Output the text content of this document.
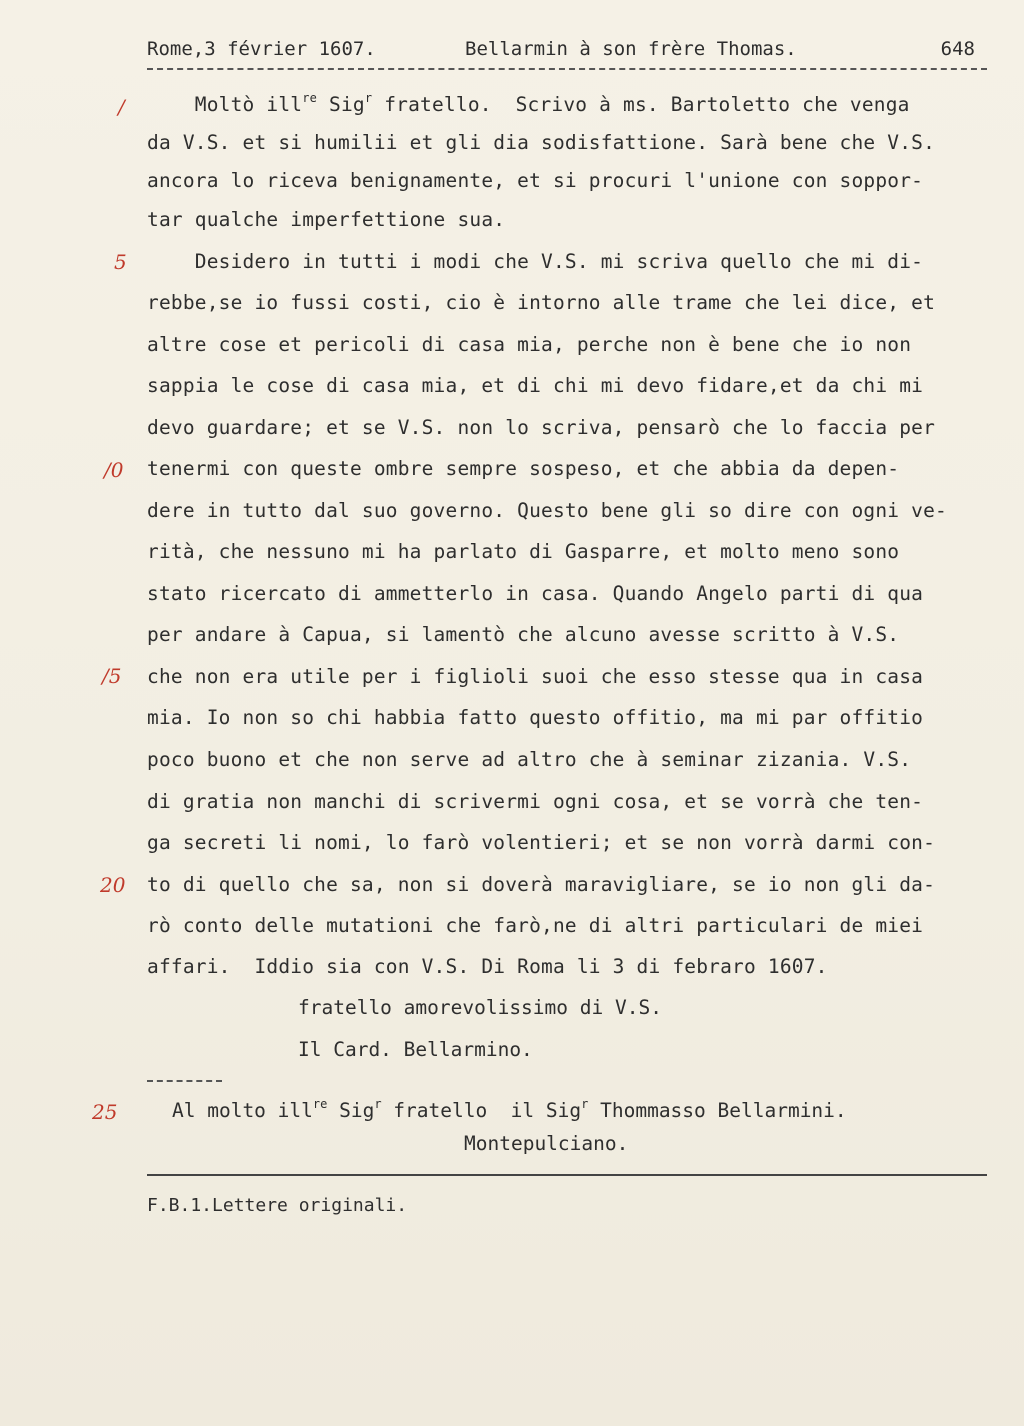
Rome,3 février 1607.	Bellarmin à son frère Thomas.	648
/
5
/0
/5
20
25
Moltò ill$^{re}$ Sig$^r$ fratello.  Scrivo à ms. Bartoletto che venga
da V.S. et si humilii et gli dia sodisfattione. Sarà bene che V.S.
ancora lo riceva benignamente, et si procuri l'unione con soppor-
tar qualche imperfettione sua.
Desidero in tutti i modi che V.S. mi scriva quello che mi di-
rebbe,se io fussi costi, cio è intorno alle trame che lei dice, et
altre cose et pericoli di casa mia, perche non è bene che io non
sappia le cose di casa mia, et di chi mi devo fidare,et da chi mi
devo guardare; et se V.S. non lo scriva, pensarò che lo faccia per
tenermi con queste ombre sempre sospeso, et che abbia da depen-
dere in tutto dal suo governo. Questo bene gli so dire con ogni ve-
rità, che nessuno mi ha parlato di Gasparre, et molto meno sono
stato ricercato di ammetterlo in casa. Quando Angelo parti di qua
per andare à Capua, si lamentò che alcuno avesse scritto à V.S.
che non era utile per i figlioli suoi che esso stesse qua in casa
mia. Io non so chi habbia fatto questo offitio, ma mi par offitio
poco buono et che non serve ad altro che à seminar zizania. V.S.
di gratia non manchi di scrivermi ogni cosa, et se vorrà che ten-
ga secreti li nomi, lo farò volentieri; et se non vorrà darmi con-
to di quello che sa, non si doverà maravigliare, se io non gli da-
rò conto delle mutationi che farò,ne di altri particulari de miei
affari.  Iddio sia con V.S. Di Roma li 3 di febraro 1607.
fratello amorevolissimo di V.S.
Il Card. Bellarmino.
Al molto ill$^{re}$ Sig$^r$ fratello  il Sig$^r$ Thommasso Bellarmini.
Montepulciano.
F.B.1.Lettere originali.
